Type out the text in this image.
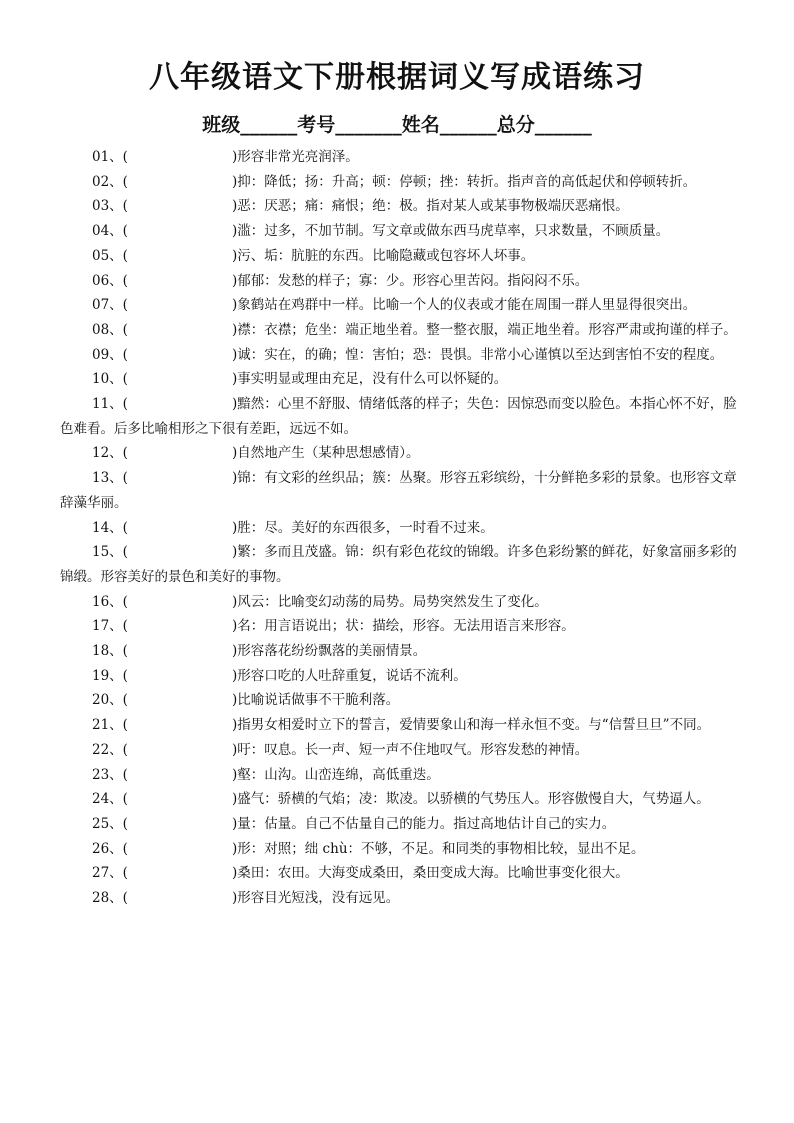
八年级语文下册根据词义写成语练习
班级______考号_______姓名______总分______
01、(	)形容非常光亮润泽。
02、(	)抑：降低；扬：升高；顿：停顿；挫：转折。指声音的高低起伏和停顿转折。
03、(	)恶：厌恶；痛：痛恨；绝：极。指对某人或某事物极端厌恶痛恨。
04、(	)滥：过多，不加节制。写文章或做东西马虎草率，只求数量，不顾质量。
05、(	)污、垢：肮脏的东西。比喻隐藏或包容坏人坏事。
06、(	)郁郁：发愁的样子；寡：少。形容心里苦闷。指闷闷不乐。
07、(	)象鹤站在鸡群中一样。比喻一个人的仪表或才能在周围一群人里显得很突出。
08、(	)襟：衣襟；危坐：端正地坐着。整一整衣服，端正地坐着。形容严肃或拘谨的样子。
09、(	)诚：实在，的确；惶：害怕；恐：畏惧。非常小心谨慎以至达到害怕不安的程度。
10、(	)事实明显或理由充足，没有什么可以怀疑的。
11、(	)黯然：心里不舒服、情绪低落的样子；失色：因惊恐而变以脸色。本指心怀不好，脸色难看。后多比喻相形之下很有差距，远远不如。
12、(	)自然地产生（某种思想感情）。
13、(	)锦：有文彩的丝织品；簇：丛聚。形容五彩缤纷，十分鲜艳多彩的景象。也形容文章辞藻华丽。
14、(	)胜：尽。美好的东西很多，一时看不过来。
15、(	)繁：多而且茂盛。锦：织有彩色花纹的锦缎。许多色彩纷繁的鲜花，好象富丽多彩的锦缎。形容美好的景色和美好的事物。
16、(	)风云：比喻变幻动荡的局势。局势突然发生了变化。
17、(	)名：用言语说出；状：描绘，形容。无法用语言来形容。
18、(	)形容落花纷纷飘落的美丽情景。
19、(	)形容口吃的人吐辞重复，说话不流利。
20、(	)比喻说话做事不干脆利落。
21、(	)指男女相爱时立下的誓言，爱情要象山和海一样永恒不变。与“信誓旦旦”不同。
22、(	)吁：叹息。长一声、短一声不住地叹气。形容发愁的神情。
23、(	)壑：山沟。山峦连绵，高低重迭。
24、(	)盛气：骄横的气焰；凌：欺凌。以骄横的气势压人。形容傲慢自大，气势逼人。
25、(	)量：估量。自己不估量自己的能力。指过高地估计自己的实力。
26、(	)形：对照；绌 chù：不够，不足。和同类的事物相比较，显出不足。
27、(	)桑田：农田。大海变成桑田，桑田变成大海。比喻世事变化很大。
28、(	)形容目光短浅，没有远见。
